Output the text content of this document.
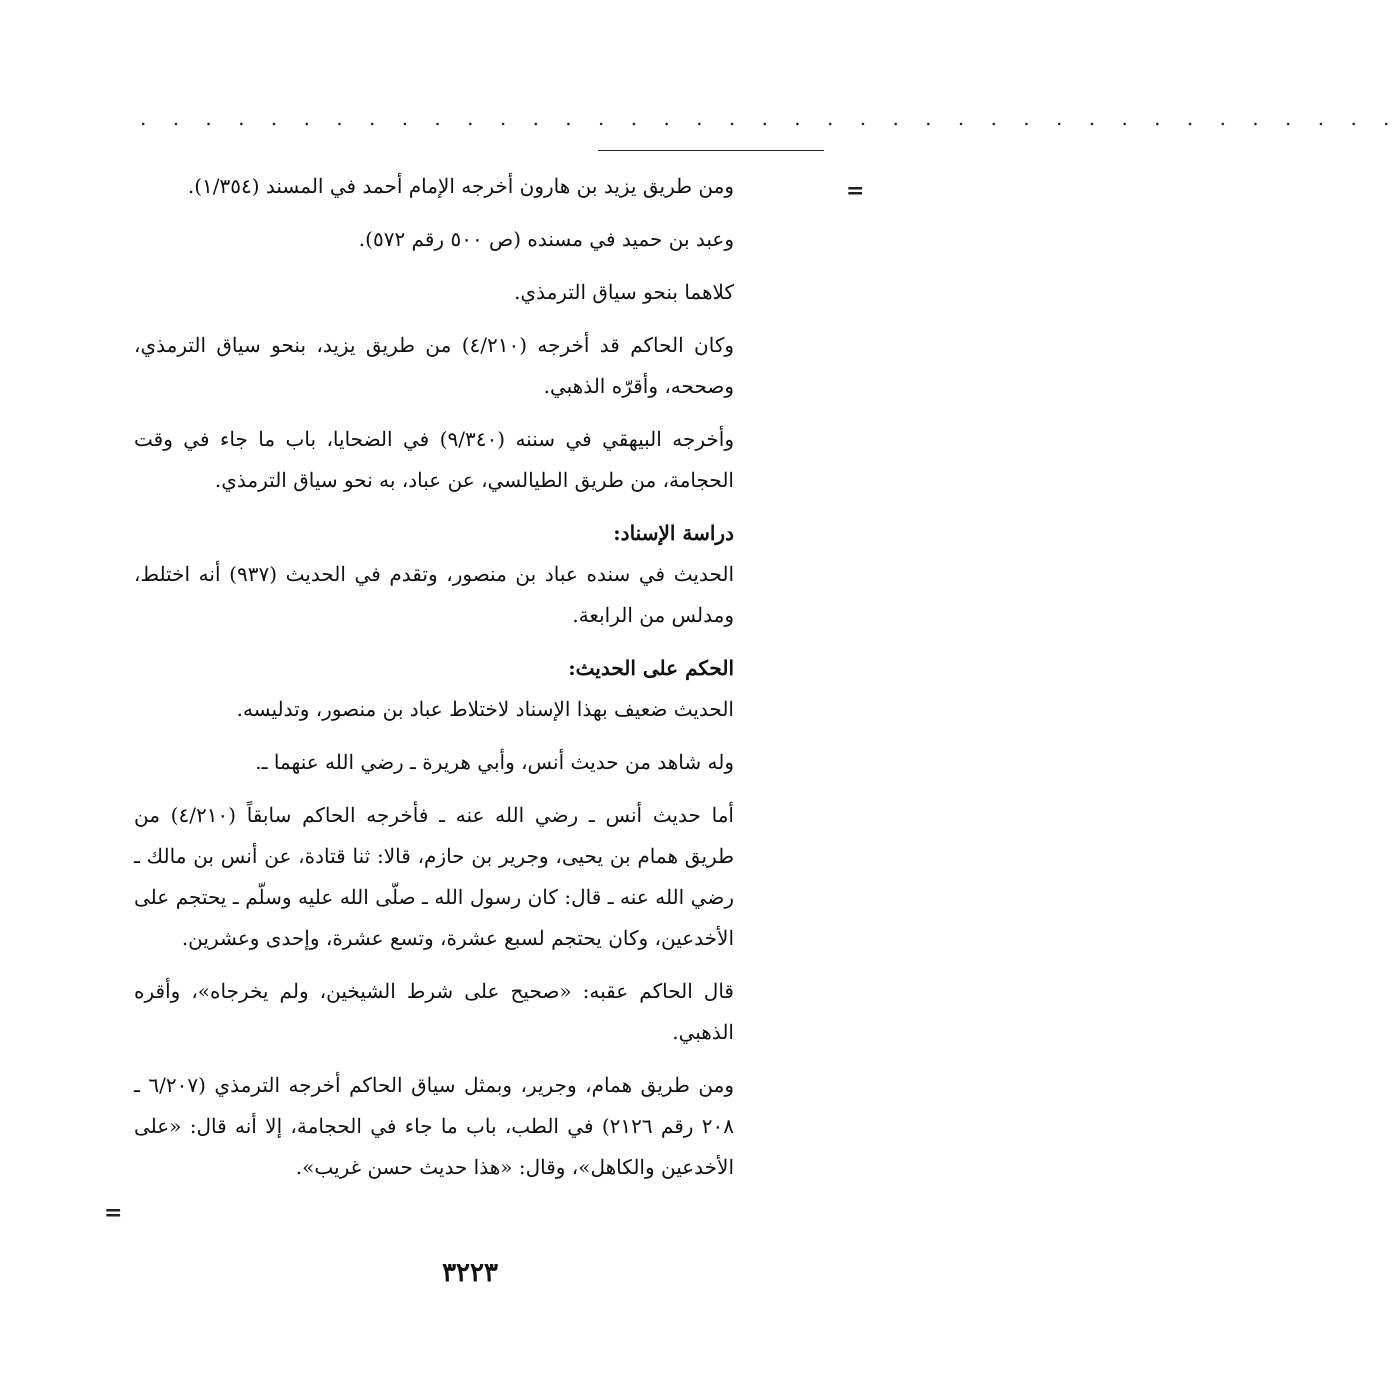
. . . . . . . . . . . . . . . . . . . . . . . . . . . . . . . . . . . . . . .
=

ومن طريق يزيد بن هارون أخرجه الإمام أحمد في المسند (١/٣٥٤).

وعبد بن حميد في مسنده (ص ٥٠٠ رقم ٥٧٢).

كلاهما بنحو سياق الترمذي.

وكان الحاكم قد أخرجه (٤/٢١٠) من طريق يزيد، بنحو سياق الترمذي، وصححه، وأقرّه الذهبي.

وأخرجه البيهقي في سننه (٩/٣٤٠) في الضحايا، باب ما جاء في وقت الحجامة، من طريق الطيالسي، عن عباد، به نحو سياق الترمذي.

دراسة الإسناد:

الحديث في سنده عباد بن منصور، وتقدم في الحديث (٩٣٧) أنه اختلط، ومدلس من الرابعة.

الحكم على الحديث:

الحديث ضعيف بهذا الإسناد لاختلاط عباد بن منصور، وتدليسه.

وله شاهد من حديث أنس، وأبي هريرة ـ رضي الله عنهما ـ.

أما حديث أنس ـ رضي الله عنه ـ فأخرجه الحاكم سابقاً (٤/٢١٠) من طريق همام بن يحيى، وجرير بن حازم، قالا: ثنا قتادة، عن أنس بن مالك ـ رضي الله عنه ـ قال: كان رسول الله ـ صلّى الله عليه وسلّم ـ يحتجم على الأخدعين، وكان يحتجم لسبع عشرة، وتسع عشرة، وإحدى وعشرين.

قال الحاكم عقبه: «صحيح على شرط الشيخين، ولم يخرجاه»، وأقره الذهبي.

ومن طريق همام، وجرير، وبمثل سياق الحاكم أخرجه الترمذي (٦/٢٠٧ ـ ٢٠٨ رقم ٢١٢٦) في الطب، باب ما جاء في الحجامة، إلا أنه قال: «على الأخدعين والكاهل»، وقال: «هذا حديث حسن غريب».

=
٣٢٢٣
